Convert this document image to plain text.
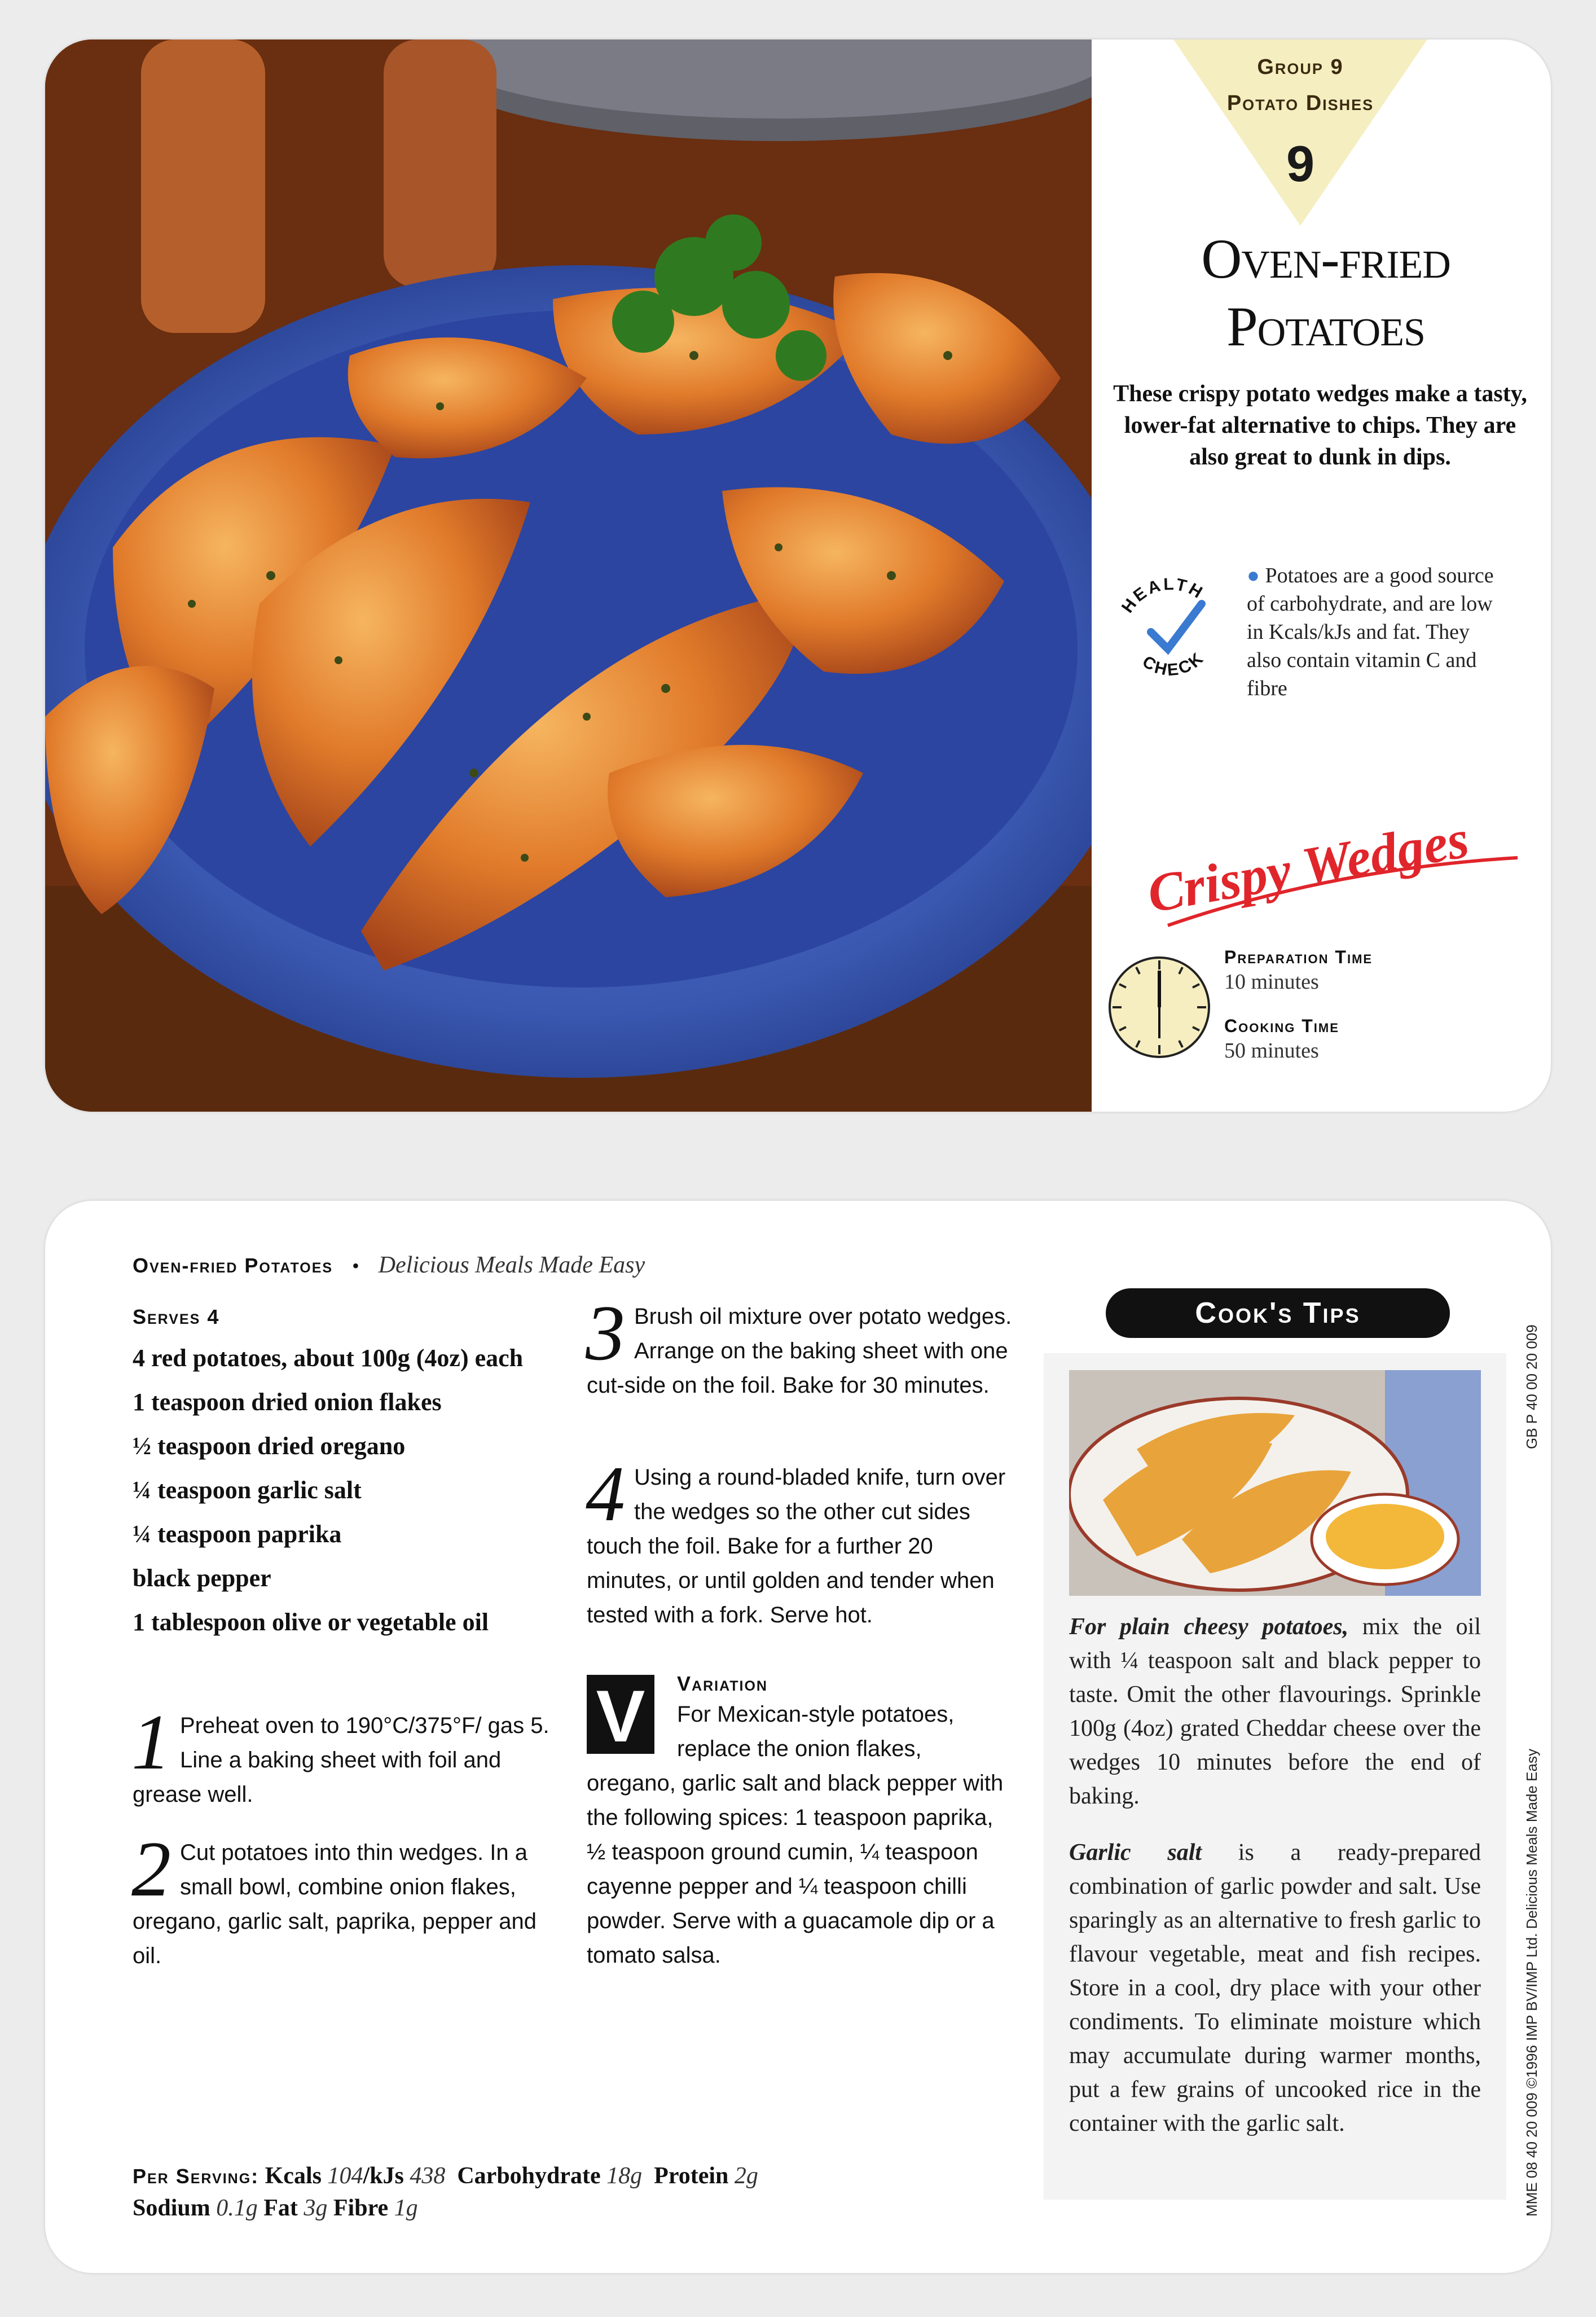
Group 9
Potato Dishes
9
Oven-fried
Potatoes
These crispy potato wedges make a tasty, lower-fat alternative to chips. They are also great to dunk in dips.
HEALTH
CHECK
● Potatoes are a good source of carbohydrate, and are low in Kcals/kJs and fat. They also contain vitamin C and fibre
Crispy Wedges
Preparation Time
10 minutes
Cooking Time
50 minutes
Oven-fried Potatoes • Delicious Meals Made Easy
Serves 4
4 red potatoes, about 100g (4oz) each
1 teaspoon dried onion flakes
½ teaspoon dried oregano
¼ teaspoon garlic salt
¼ teaspoon paprika
black pepper
1 tablespoon olive or vegetable oil
1 Preheat oven to 190°C/375°F/ gas 5. Line a baking sheet with foil and grease well.
2 Cut potatoes into thin wedges. In a small bowl, combine onion flakes, oregano, garlic salt, paprika, pepper and oil.
3 Brush oil mixture over potato wedges. Arrange on the baking sheet with one cut-side on the foil. Bake for 30 minutes.
4 Using a round-bladed knife, turn over the wedges so the other cut sides touch the foil. Bake for a further 20 minutes, or until golden and tender when tested with a fork. Serve hot.
V Variation
For Mexican-style potatoes, replace the onion flakes,
oregano, garlic salt and black pepper with the following spices: 1 teaspoon paprika, ½ teaspoon ground cumin, ¼ teaspoon cayenne pepper and ¼ teaspoon chilli powder. Serve with a guacamole dip or a tomato salsa.
Per Serving: Kcals 104/kJs 438 Carbohydrate 18g Protein 2g
Sodium 0.1g Fat 3g Fibre 1g
Cook's Tips
For plain cheesy potatoes, mix the oil with ¼ teaspoon salt and black pepper to taste. Omit the other flavourings. Sprinkle 100g (4oz) grated Cheddar cheese over the wedges 10 minutes before the end of baking.
Garlic salt is a ready-prepared combination of garlic powder and salt. Use sparingly as an alternative to fresh garlic to flavour vegetable, meat and fish recipes. Store in a cool, dry place with your other condiments. To eliminate moisture which may accumulate during warmer months, put a few grains of uncooked rice in the container with the garlic salt.
GB P 40 00 20 009
MME 08 40 20 009 ©1996 IMP BV/IMP Ltd. Delicious Meals Made Easy
